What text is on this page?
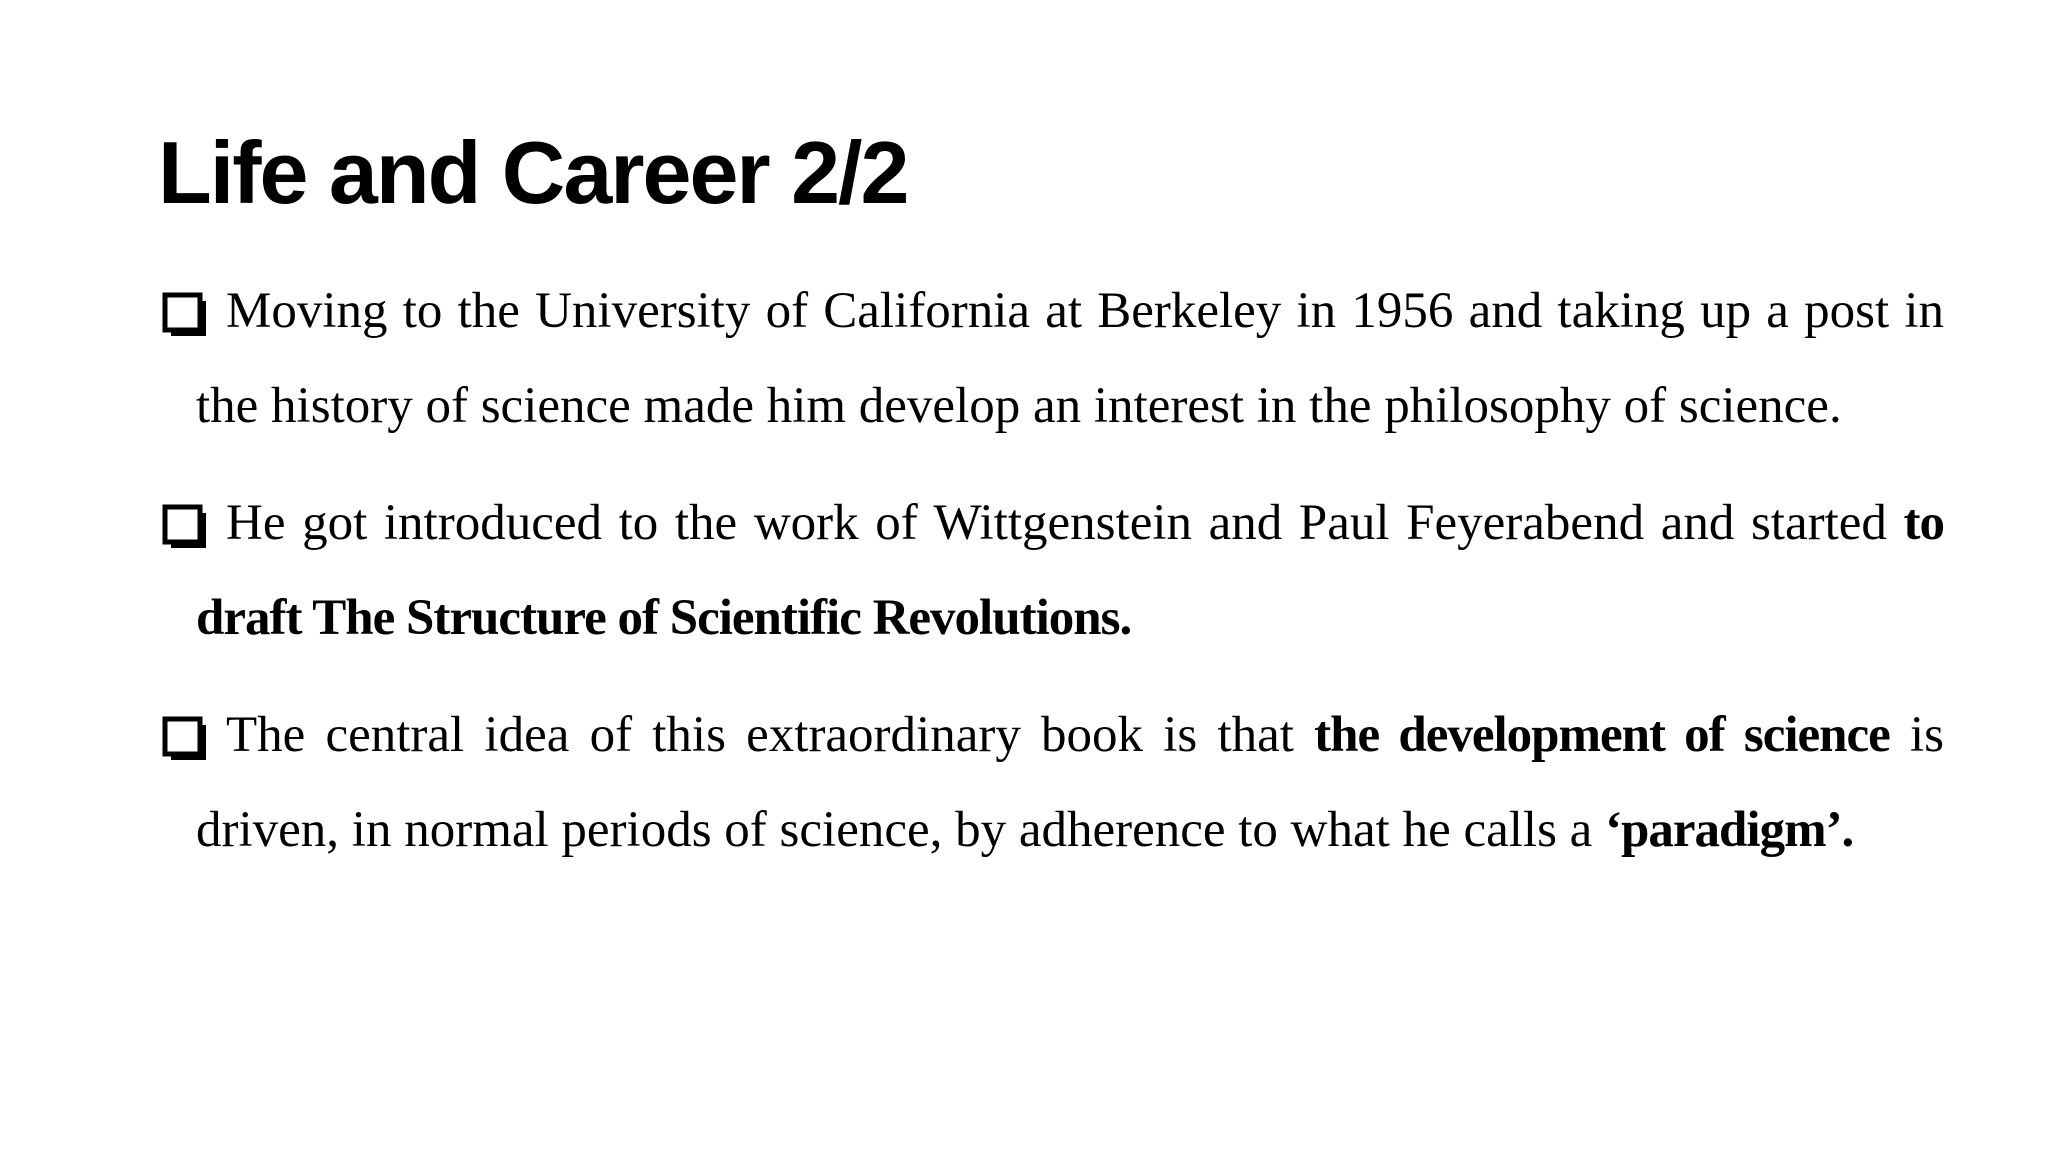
Life and Career 2/2
Moving to the University of California at Berkeley in 1956 and taking up a post in the history of science made him develop an interest in the philosophy of science.
He got introduced to the work of Wittgenstein and Paul Feyerabend and started to draft The Structure of Scientific Revolutions.
The central idea of this extraordinary book is that the development of science is driven, in normal periods of science, by adherence to what he calls a ‘paradigm’.
